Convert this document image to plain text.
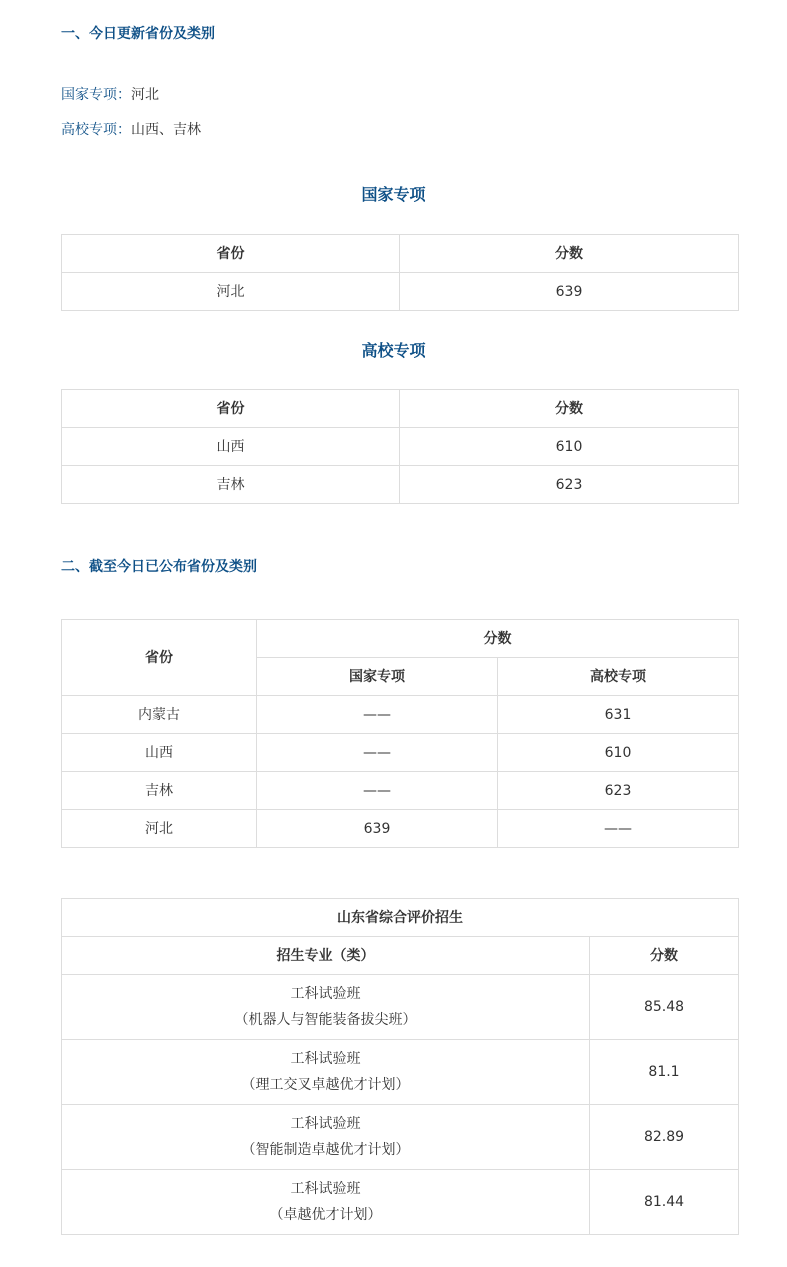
一、今日更新省份及类别
国家专项：河北
高校专项：山西、吉林
国家专项
省份	分数
河北	639
高校专项
省份	分数
山西	610
吉林	623
二、截至今日已公布省份及类别
省份	分数	
	国家专项	高校专项
内蒙古	——	631
山西	——	610
吉林	——	623
河北	639	——
山东省综合评价招生	
招生专业（类）	分数

工科试验班
（机器人与智能装备拔尖班）	85.48

工科试验班
（理工交叉卓越优才计划）	81.1

工科试验班
（智能制造卓越优才计划）	82.89

工科试验班
（卓越优才计划）	81.44
